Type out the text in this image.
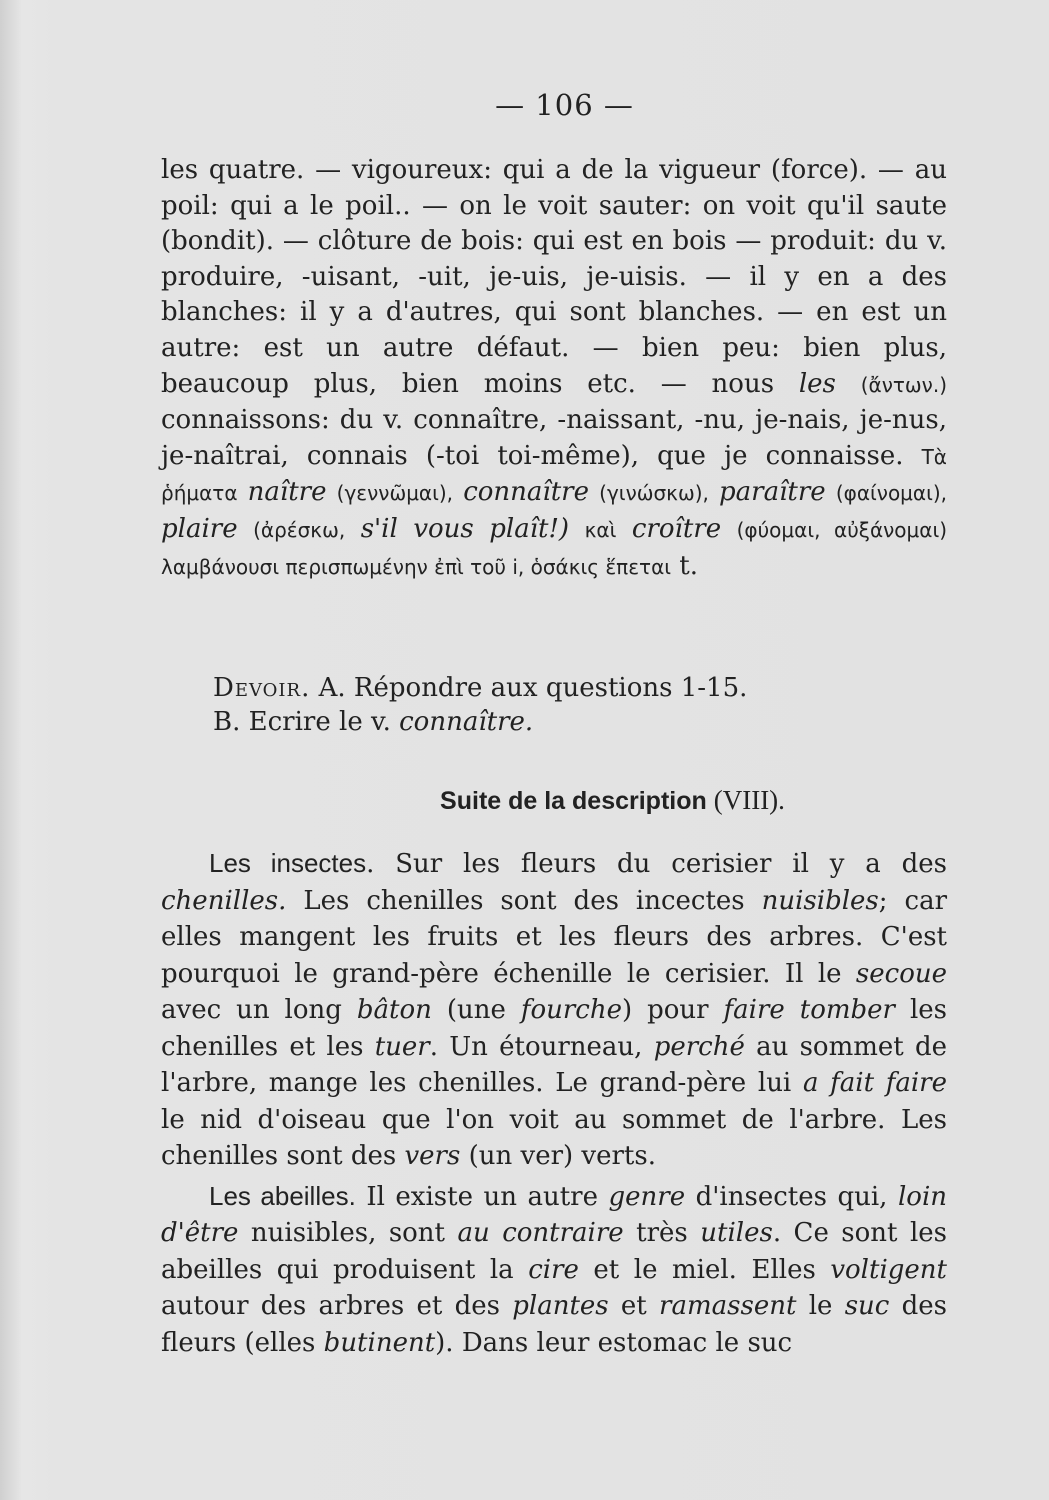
— 106 —

les quatre. — vigoureux: qui a de la vigueur (force). — au poil: qui a le poil.. — on le voit sauter: on voit qu'il saute (bondit). — clôture de bois: qui est en bois — produit: du v. produire, -uisant, -uit, je-uis, je-uisis. — il y en a des blanches: il y a d'autres, qui sont blanches. — en est un autre: est un autre défaut. — bien peu: bien plus, beaucoup plus, bien moins etc. — nous les (ἄντων.) connaissons: du v. connaître, -naissant, -nu, je-nais, je-nus, je-naîtrai, connais (-toi toi-même), que je connaisse. Τὰ ῥήματα naître (γεννῶμαι), connaître (γινώσκω), paraître (φαίνομαι), plaire (ἀρέσκω, s'il vous plaît!) καὶ croître (φύομαι, αὐξάνομαι) λαμβάνουσι περισπωμένην ἐπὶ τοῦ i, ὁσάκις ἕπεται t.

Devoir. A. Répondre aux questions 1-15.

B. Ecrire le v. connaître.

Suite de la description (VIII).

Les insectes. Sur les fleurs du cerisier il y a des chenilles. Les chenilles sont des incectes nuisibles; car elles mangent les fruits et les fleurs des arbres. C'est pourquoi le grand-père échenille le cerisier. Il le secoue avec un long bâton (une fourche) pour faire tomber les chenilles et les tuer. Un étourneau, perché au sommet de l'arbre, mange les chenilles. Le grand-père lui a fait faire le nid d'oiseau que l'on voit au sommet de l'arbre. Les chenilles sont des vers (un ver) verts.

Les abeilles. Il existe un autre genre d'insectes qui, loin d'être nuisibles, sont au contraire très utiles. Ce sont les abeilles qui produisent la cire et le miel. Elles voltigent autour des arbres et des plantes et ramassent le suc des fleurs (elles butinent). Dans leur estomac le suc
